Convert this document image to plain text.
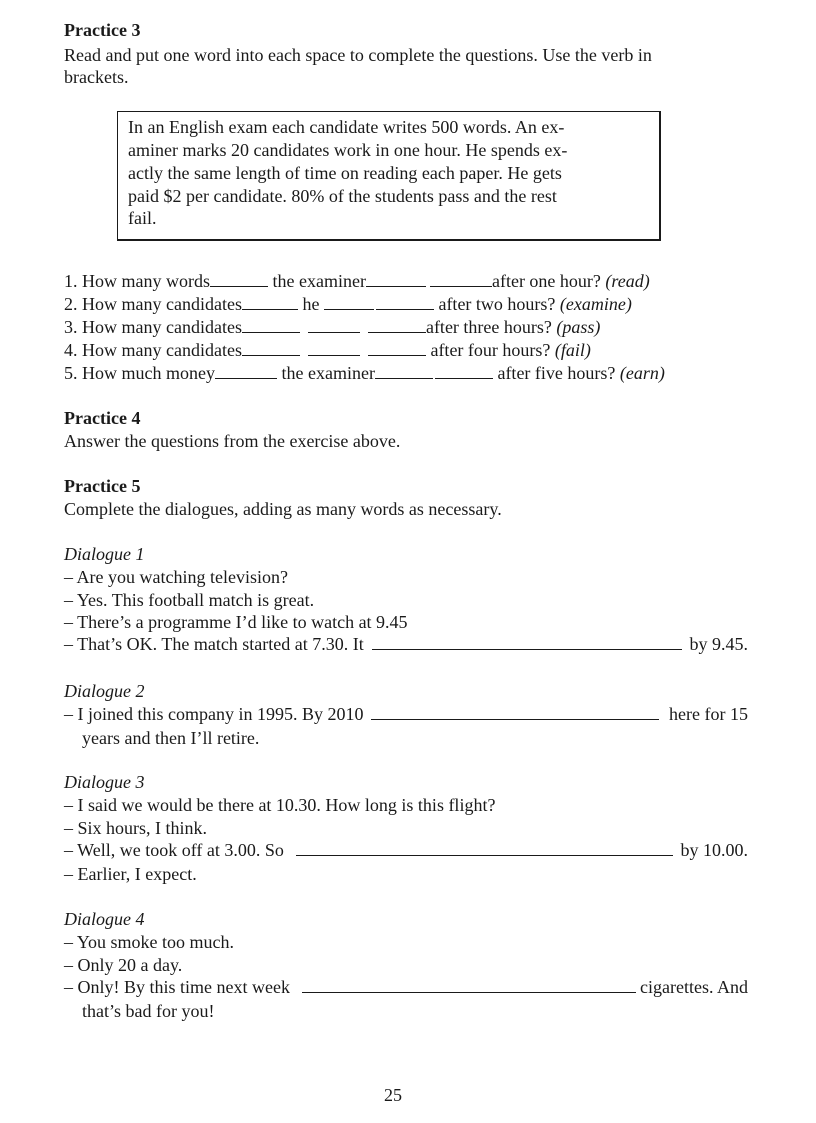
Practice 3
Read and put one word into each space to complete the questions. Use the verb in
brackets.
In an English exam each candidate writes 500 words. An ex-
aminer marks 20 candidates work in one hour. He spends ex-
actly the same length of time on reading each paper. He gets
paid $2 per candidate. 80% of the students pass and the rest
fail.
1. How many words	the examiner	after one hour? (read)
2. How many candidates	he	after two hours? (examine)
3. How many candidates	after three hours? (pass)
4. How many candidates	after four hours? (fail)
5. How much money	the examiner	after five hours? (earn)
Practice 4
Answer the questions from the exercise above.
Practice 5
Complete the dialogues, adding as many words as necessary.
Dialogue 1
– Are you watching television?
– Yes. This football match is great.
– There’s a programme I’d like to watch at 9.45
– That’s OK. The match started at 7.30. It	by 9.45.
Dialogue 2
– I joined this company in 1995. By 2010	here for 15
years and then I’ll retire.
Dialogue 3
– I said we would be there at 10.30. How long is this flight?
– Six hours, I think.
– Well, we took off at 3.00. So	by 10.00.
– Earlier, I expect.
Dialogue 4
– You smoke too much.
– Only 20 a day.
– Only! By this time next week	cigarettes. And
that’s bad for you!
25
